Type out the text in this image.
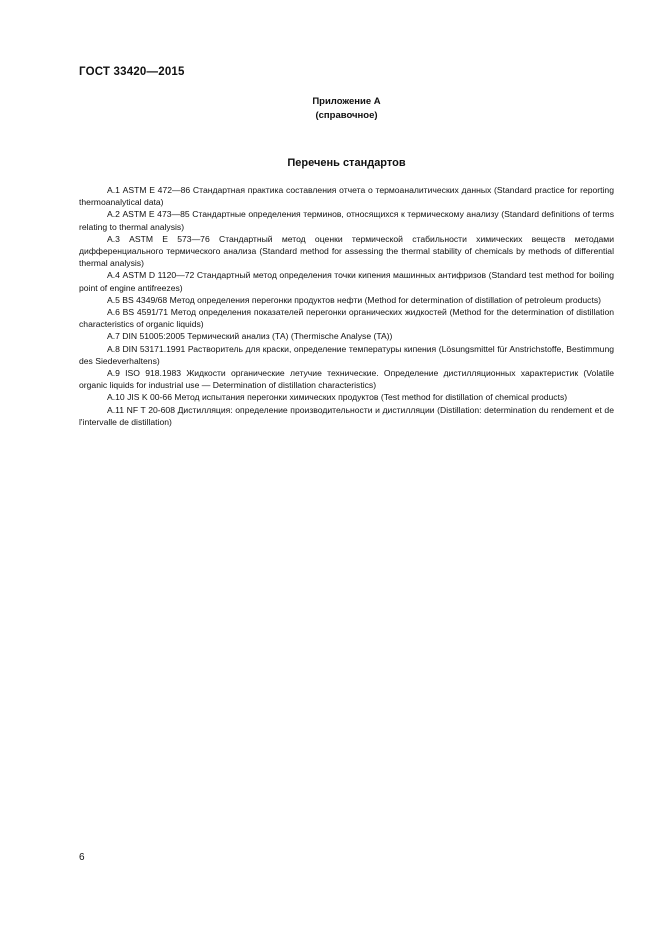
ГОСТ 33420—2015
Приложение А
(справочное)
Перечень стандартов
А.1 ASTM E 472—86 Стандартная практика составления отчета о термоаналитических данных (Standard practice for reporting thermoanalytical data)
А.2 ASTM E 473—85 Стандартные определения терминов, относящихся к термическому анализу (Standard definitions of terms relating to thermal analysis)
А.3 ASTM E 573—76 Стандартный метод оценки термической стабильности химических веществ методами дифференциального термического анализа (Standard method for assessing the thermal stability of chemicals by methods of differential thermal analysis)
А.4 ASTM D 1120—72 Стандартный метод определения точки кипения машинных антифризов (Standard test method for boiling point of engine antifreezes)
А.5 BS 4349/68 Метод определения перегонки продуктов нефти (Method for determination of distillation of petroleum products)
А.6 BS 4591/71 Метод определения показателей перегонки органических жидкостей (Method for the determination of distillation characteristics of organic liquids)
А.7 DIN 51005:2005 Термический анализ (ТА) (Thermische Analyse (TA))
А.8 DIN 53171.1991 Растворитель для краски, определение температуры кипения (Lösungsmittel für Anstrichstoffe, Bestimmung des Siedeverhaltens)
А.9 ISO 918.1983 Жидкости органические летучие технические. Определение дистилляционных характеристик (Volatile organic liquids for industrial use — Determination of distillation characteristics)
А.10 JIS K 00-66 Метод испытания перегонки химических продуктов (Test method for distillation of chemical products)
А.11 NF T 20-608 Дистилляция: определение производительности и дистилляции (Distillation: determination du rendement et de l'intervalle de distillation)
6
